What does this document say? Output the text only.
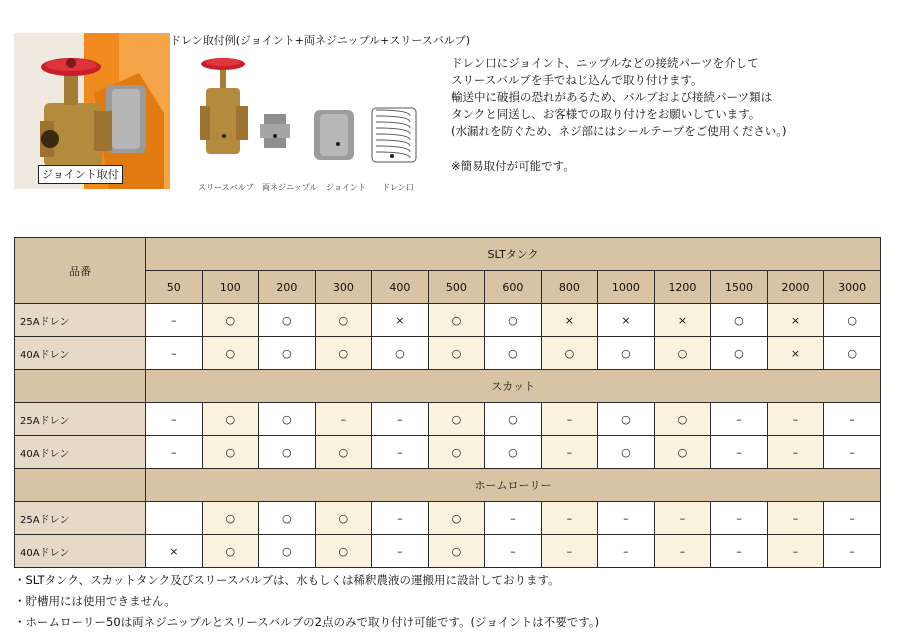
ジョイント取付
ドレン取付例(ジョイント+両ネジニップル+スリースバルブ)
スリースバルブ 両ネジニップル ジョイント ドレン口
ドレン口にジョイント、ニップルなどの接続パーツを介して
スリースバルブを手でねじ込んで取り付けます。
輸送中に破損の恐れがあるため、バルブおよび接続パーツ類は
タンクと同送し、お客様での取り付けをお願いしています。
(水漏れを防ぐため、ネジ部にはシールテープをご使用ください。)
※簡易取付が可能です。
品番	SLTタンク												
	50	100	200	300	400	500	600	800	1000	1200	1500	2000	3000
25Aドレン	–	○	○	○	×	○	○	×	×	×	○	×	○
40Aドレン	–	○	○	○	○	○	○	○	○	○	○	×	○
	スカット												
25Aドレン	–	○	○	–	–	○	○	–	○	○	–	–	–
40Aドレン	–	○	○	○	–	○	○	–	○	○	–	–	–
	ホームローリー												
25Aドレン		○	○	○	–	○	–	–	–	–	–	–	–
40Aドレン	×	○	○	○	–	○	–	–	–	–	–	–	–
・SLTタンク、スカットタンク及びスリースバルブは、水もしくは稀釈農液の運搬用に設計しております。
・貯槽用には使用できません。
・ホームローリー50は両ネジニップルとスリースバルブの2点のみで取り付け可能です。(ジョイントは不要です。)
